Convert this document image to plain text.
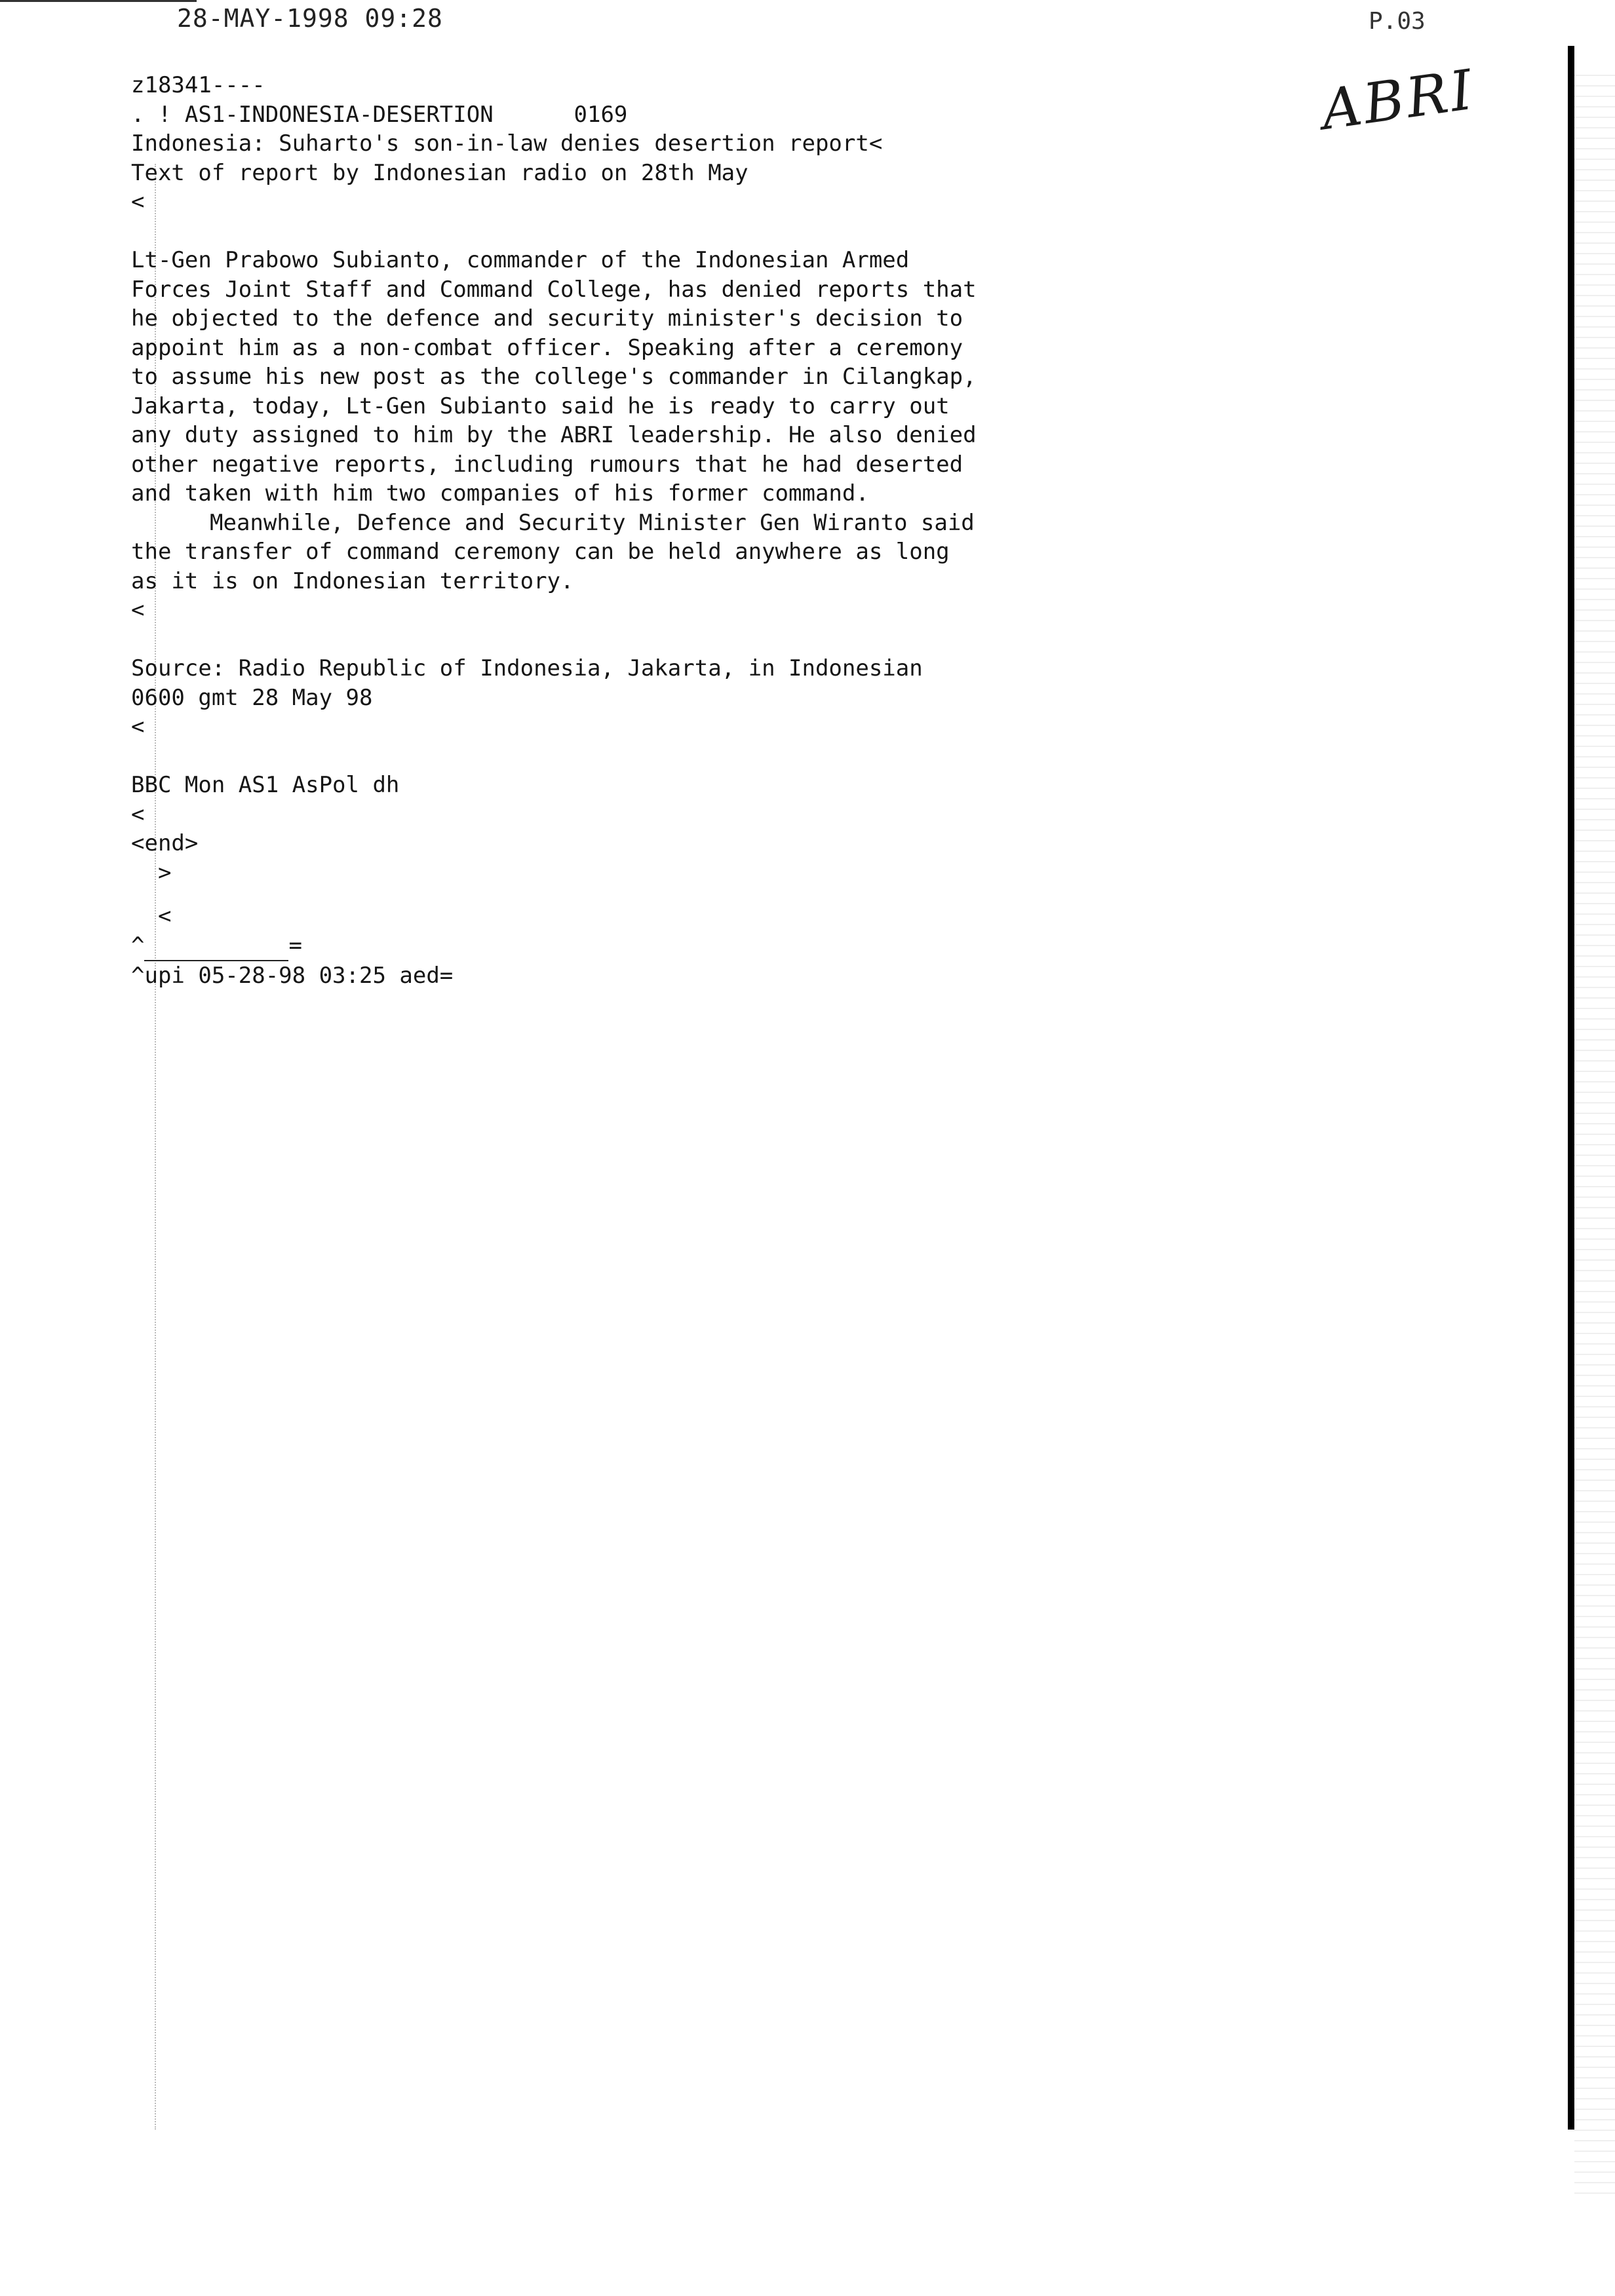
28-MAY-1998 09:28	P.03
ABRI
z18341----
. ! AS1-INDONESIA-DESERTION      0169
Indonesia: Suharto's son-in-law denies desertion report<
Text of report by Indonesian radio on 28th May
<
Lt-Gen Prabowo Subianto, commander of the Indonesian Armed
Forces Joint Staff and Command College, has denied reports that
he objected to the defence and security minister's decision to
appoint him as a non-combat officer. Speaking after a ceremony
to assume his new post as the college's commander in Cilangkap,
Jakarta, today, Lt-Gen Subianto said he is ready to carry out
any duty assigned to him by the ABRI leadership. He also denied
other negative reports, including rumours that he had deserted
and taken with him two companies of his former command.
Meanwhile, Defence and Security Minister Gen Wiranto said
the transfer of command ceremony can be held anywhere as long
as it is on Indonesian territory.
<
Source: Radio Republic of Indonesia, Jakarta, in Indonesian
0600 gmt 28 May 98
<
BBC Mon AS1 AsPol dh
<
<end>
>
<
^	=
^upi 05-28-98 03:25 aed=
